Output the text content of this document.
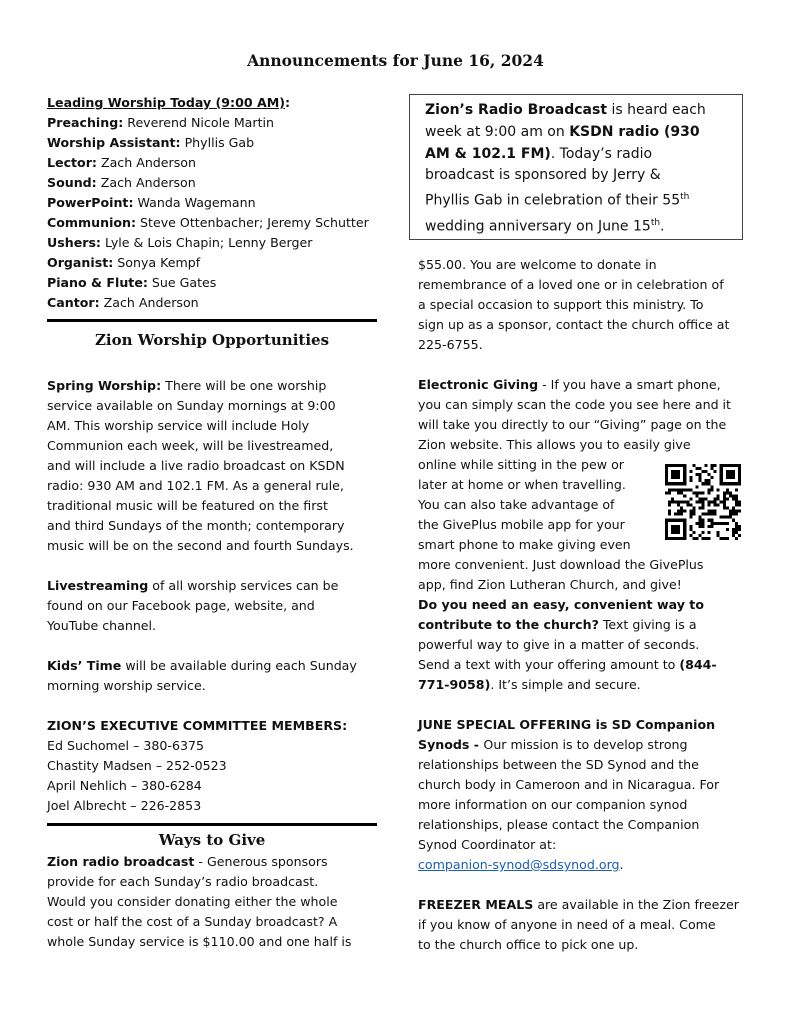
Announcements for June 16, 2024
Leading Worship Today (9:00 AM):
Preaching: Reverend Nicole Martin
Worship Assistant: Phyllis Gab
Lector: Zach Anderson
Sound: Zach Anderson
PowerPoint: Wanda Wagemann
Communion: Steve Ottenbacher; Jeremy Schutter
Ushers: Lyle & Lois Chapin; Lenny Berger
Organist: Sonya Kempf
Piano & Flute: Sue Gates
Cantor: Zach Anderson
Zion Worship Opportunities
Spring Worship: There will be one worship
service available on Sunday mornings at 9:00
AM. This worship service will include Holy
Communion each week, will be livestreamed,
and will include a live radio broadcast on KSDN
radio: 930 AM and 102.1 FM. As a general rule,
traditional music will be featured on the first
and third Sundays of the month; contemporary
music will be on the second and fourth Sundays.
Livestreaming of all worship services can be
found on our Facebook page, website, and
YouTube channel.
Kids’ Time will be available during each Sunday
morning worship service.
ZION’S EXECUTIVE COMMITTEE MEMBERS:
Ed Suchomel – 380-6375
Chastity Madsen – 252-0523
April Nehlich – 380-6284
Joel Albrecht – 226-2853
Ways to Give
Zion radio broadcast - Generous sponsors
provide for each Sunday’s radio broadcast.
Would you consider donating either the whole
cost or half the cost of a Sunday broadcast? A
whole Sunday service is $110.00 and one half is
Zion’s Radio Broadcast is heard each
week at 9:00 am on KSDN radio (930
AM & 102.1 FM). Today’s radio
broadcast is sponsored by Jerry &
Phyllis Gab in celebration of their 55th
wedding anniversary on June 15th.
$55.00. You are welcome to donate in
remembrance of a loved one or in celebration of
a special occasion to support this ministry. To
sign up as a sponsor, contact the church office at
225-6755.
Electronic Giving - If you have a smart phone,
you can simply scan the code you see here and it
will take you directly to our “Giving” page on the
Zion website. This allows you to easily give
online while sitting in the pew or
later at home or when travelling.
You can also take advantage of
the GivePlus mobile app for your
smart phone to make giving even
more convenient. Just download the GivePlus
app, find Zion Lutheran Church, and give!
Do you need an easy, convenient way to
contribute to the church? Text giving is a
powerful way to give in a matter of seconds.
Send a text with your offering amount to (844-
771-9058). It’s simple and secure.
JUNE SPECIAL OFFERING is SD Companion
Synods - Our mission is to develop strong
relationships between the SD Synod and the
church body in Cameroon and in Nicaragua. For
more information on our companion synod
relationships, please contact the Companion
Synod Coordinator at:
companion-synod@sdsynod.org.
FREEZER MEALS are available in the Zion freezer
if you know of anyone in need of a meal. Come
to the church office to pick one up.
